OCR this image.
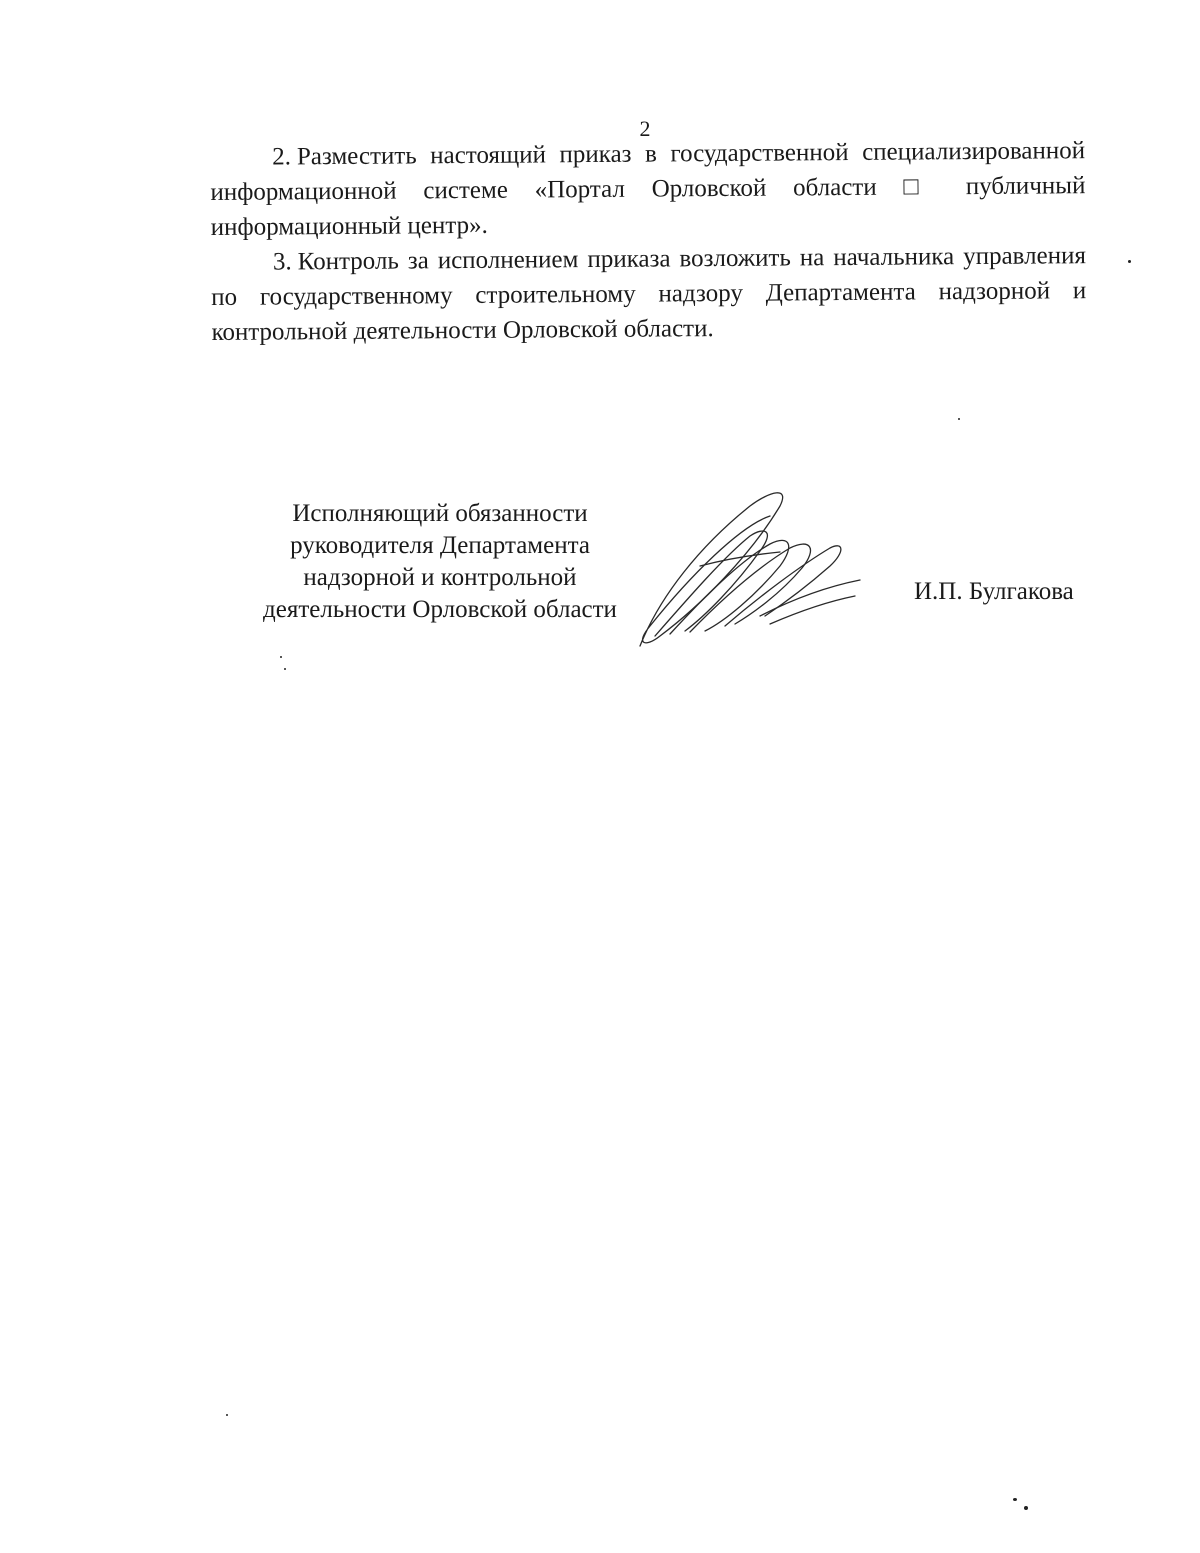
2

2. Разместить настоящий приказ в государственной специализированной информационной системе «Портал Орловской области □ публичный информационный центр».

3. Контроль за исполнением приказа возложить на начальника управления по государственному строительному надзору Департамента надзорной и контрольной деятельности Орловской области.

Исполняющий обязанности
руководителя Департамента
надзорной и контрольной
деятельности Орловской области
И.П. Булгакова
